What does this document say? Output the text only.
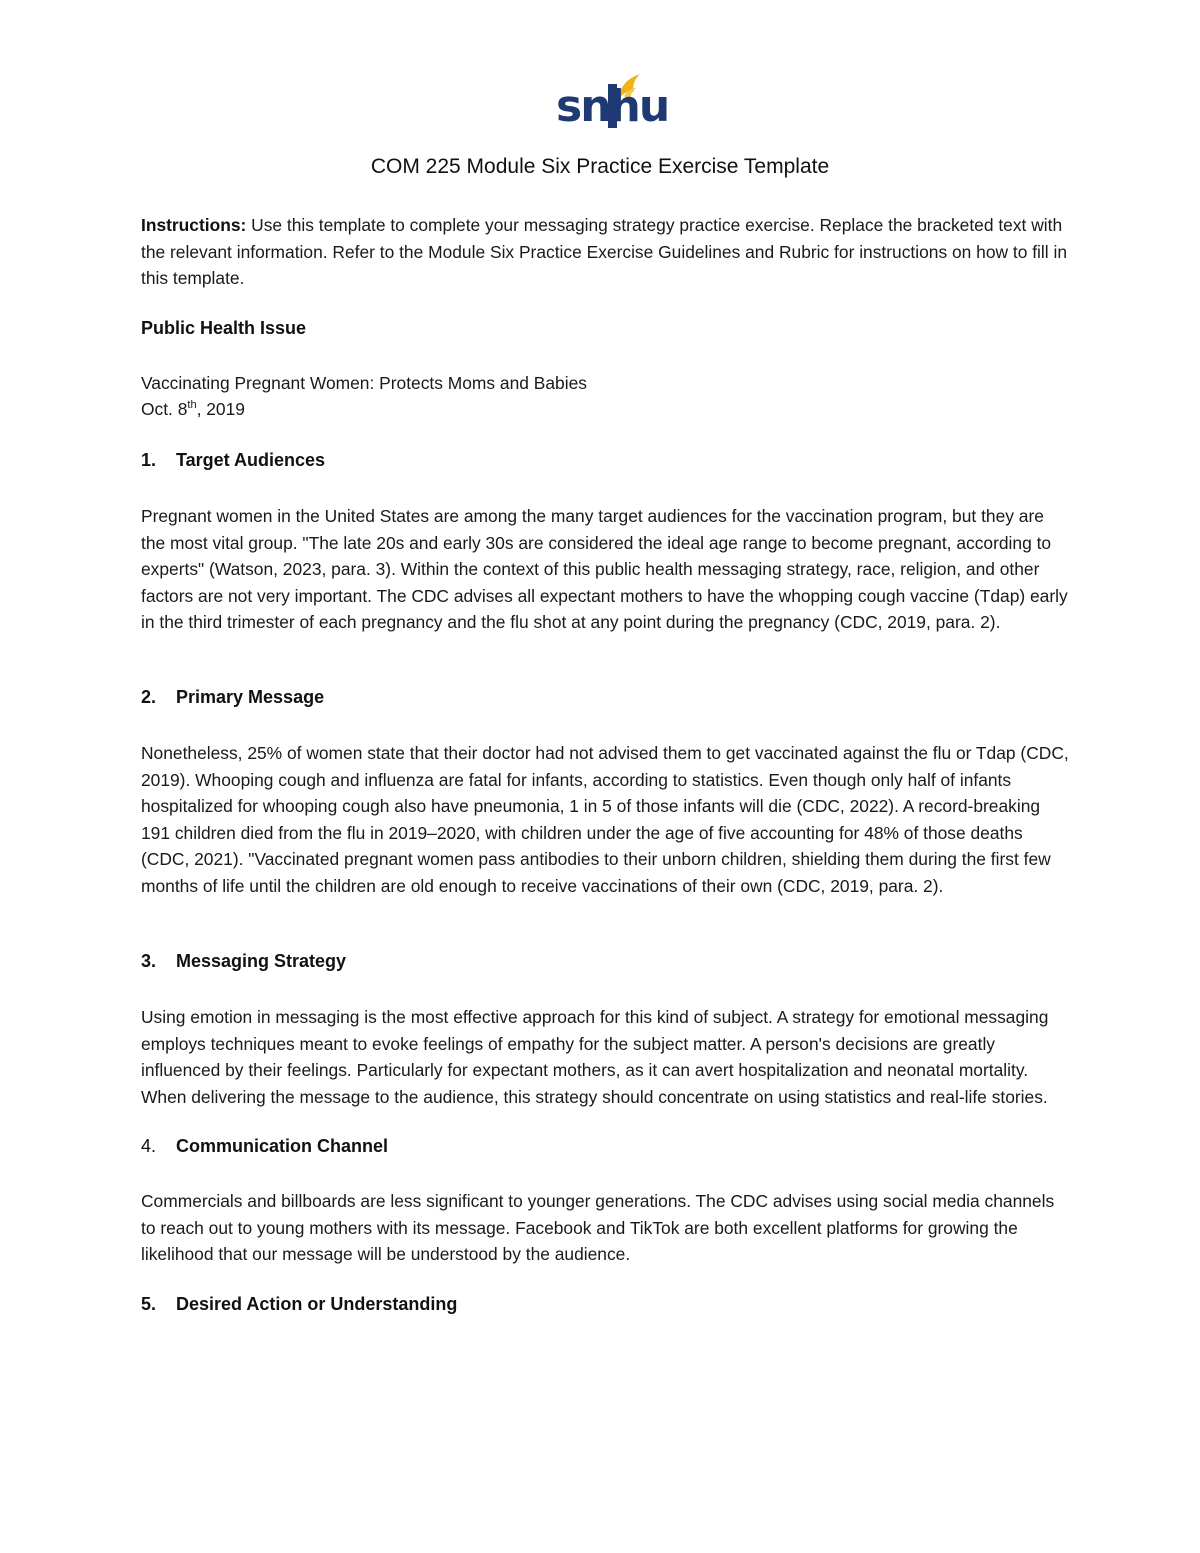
snhu
COM 225 Module Six Practice Exercise Template

Instructions: Use this template to complete your messaging strategy practice exercise. Replace the bracketed text with the relevant information. Refer to the Module Six Practice Exercise Guidelines and Rubric for instructions on how to fill in this template.

Public Health Issue

Vaccinating Pregnant Women: Protects Moms and Babies

Oct. 8th, 2019

1. Target Audiences

Pregnant women in the United States are among the many target audiences for the vaccination program, but they are the most vital group. "The late 20s and early 30s are considered the ideal age range to become pregnant, according to experts" (Watson, 2023, para. 3). Within the context of this public health messaging strategy, race, religion, and other factors are not very important. The CDC advises all expectant mothers to have the whopping cough vaccine (Tdap) early in the third trimester of each pregnancy and the flu shot at any point during the pregnancy (CDC, 2019, para. 2).

2. Primary Message

Nonetheless, 25% of women state that their doctor had not advised them to get vaccinated against the flu or Tdap (CDC, 2019). Whooping cough and influenza are fatal for infants, according to statistics. Even though only half of infants hospitalized for whooping cough also have pneumonia, 1 in 5 of those infants will die (CDC, 2022). A record-breaking 191 children died from the flu in 2019–2020, with children under the age of five accounting for 48% of those deaths (CDC, 2021). "Vaccinated pregnant women pass antibodies to their unborn children, shielding them during the first few months of life until the children are old enough to receive vaccinations of their own (CDC, 2019, para. 2).

3. Messaging Strategy

Using emotion in messaging is the most effective approach for this kind of subject. A strategy for emotional messaging employs techniques meant to evoke feelings of empathy for the subject matter. A person's decisions are greatly influenced by their feelings. Particularly for expectant mothers, as it can avert hospitalization and neonatal mortality. When delivering the message to the audience, this strategy should concentrate on using statistics and real-life stories.

4. Communication Channel

Commercials and billboards are less significant to younger generations. The CDC advises using social media channels to reach out to young mothers with its message. Facebook and TikTok are both excellent platforms for growing the likelihood that our message will be understood by the audience.

5. Desired Action or Understanding
